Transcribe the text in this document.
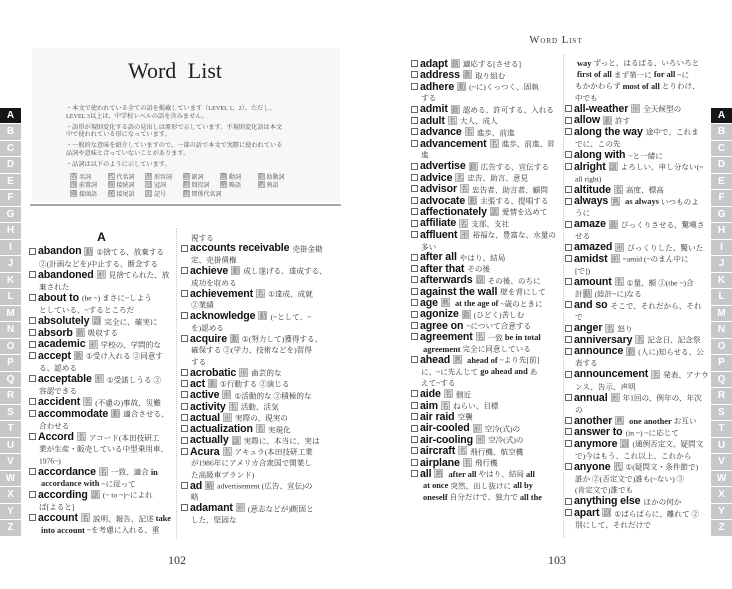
Word List
・本文で使われている全ての語を掲載しています（LEVEL 1、2）。ただし、
LEVEL 3以上は、中学校レベルの語を含みません。
・語形が規則変化する語の見出しは原形で示しています。不規則変化語は本文
中で使われている形になっています。
・一般的な意味を紹介していますので、一部の語で本文で実際に使われている
品詞や意味と合っていないことがあります。
・品詞は以下のように示しています。
名 名詞	代 代名詞 形 形容詞 副 副詞	動 動詞	助 助動詞
前 前置詞 接 接続詞 冠 冠詞	間 間投詞 略 略語	熟 熟語
頭 接頭語 尾 接尾語 記 記号	関 関係代名詞
A
abandon 動 ①捨てる、放棄する
②(計画などを)中止する、断念する
abandoned 形 見捨てられた、放
棄された
about to (be ~) まさに~しよう
としている、~するところだ
absolutely 副 完全に、確実に
absorb 動 吸収する
academic 形 学校の、学問的な
accept 動 ①受け入れる ②同意す
る、認める
acceptable 形 ①受諾しうる ②
容認できる
accident 名 (不慮の)事故、災難
accommodate 動 適合させる、
合わせる
Accord 名 アコード(本田技研工
業が生産・販売している中型乗用車、
1976~)
accordance 名 一致、適合 in
accordance with ~に従って
according 副 (~ to ~)~によれ
ば[よると]
account 名 説明、報告、記述 take
into account ~を考慮に入れる、重
視する
accounts receivable 売掛金勘
定、売掛債権
achieve 動 成し遂げる、達成する、
成功を収める
achievement 名 ①達成、成就
②業績
acknowledge 動 (~として、~
を)認める
acquire 動 ①(努力して)獲得する、
確保する ②(学力、技術などを)習得
する
acrobatic 形 曲芸的な
act 動 ①行動する ②演じる
active 形 ①活動的な ②積極的な
activity 名 活動、活気
actual 形 実際の、現実の
actualization 名 実現化
actually 副 実際に、本当に、実は
Acura 名 アキュラ(本田技研工業
が1986年にアメリカ合衆国で開業し
た高級車ブランド)
ad 略 advertisement (広告、宣伝)の
略
adamant 形 (意志などが)断固と
した、堅固な
102
Word List
adapt 動 適応する[させる]
address 動 取り組む
adhere 動 (~に)くっつく、固執
する
admit 動 認める、許可する、入れる
adult 名 大人、成人
advance 名 進歩、前進
advancement 名 進歩、前進、昇
進
advertise 動 広告する、宣伝する
advice 名 忠告、助言、意見
advisor 名 忠告者、助言者、顧問
advocate 動 主張する、提唱する
affectionately 副 愛情を込めて
affiliate 名 支部、支社
affluent 形 裕福な、豊富な、水量の
多い
after all やはり、結局
after that その後
afterwards 副 その後、のちに
against the wall 壁を背にして
age 熟 at the age of ~歳のときに
agonize 動 (ひどく)苦しむ
agree on ~について合意する
agreement 名 一致 be in total
agreement 完全に同意している
ahead 熟 ahead of ~より先[前]
に、~に先んじて go ahead and あ
えて~する
aide 名 側近
aim 名 ねらい、目標
air raid 空襲
air-cooled 形 空冷(式)の
air-cooling 形 空冷(式)の
aircraft 名 飛行機、航空機
airplane 名 飛行機
all 熟 after all やはり、結局 all
at once 突然、出し抜けに all by
oneself 自分だけで、独力で all the
way ずっと、はるばる、いろいろと
first of all まず第一に for all ~に
もかかわらず most of all とりわけ、
中でも
all-weather 形 全天候型の
allow 動 許す
along the way 途中で、これま
でに、この先
along with ~と一緒に
alright 副 よろしい、申し分ない(=
all right)
altitude 名 高度、標高
always 熟 as always いつものよ
うに
amaze 動 びっくりさせる、驚嘆さ
せる
amazed 形 びっくりした、驚いた
amidst 前 =amid (~のまん中に
[で])
amount 名 ①量、額 ②(the ~)合
計動 (総計~に)なる
and so そこで、それだから、それ
で
anger 名 怒り
anniversary 名 記念日、記念祭
announce 動 (人に)知らせる、公
表する
announcement 名 発表、アナウ
ンス、告示、声明
annual 形 年1回の、例年の、年次
の
another 熟 one another お互い
answer to (in ~) ~に応じて
anymore 副 (通例否定文、疑問文
で)今はもう、これ以上、これから
anyone 代 ①(疑問文・条件節で)
誰か ②(否定文で)誰も(~ない) ③
(肯定文で)誰でも
anything else ほかの何か
apart 副 ①ばらばらに、離れて ②
別にして、それだけで
103
A
B
C
D
E
F
G
H
I
J
K
L
M
N
O
P
Q
R
S
T
U
V
W
X
Y
Z
A
B
C
D
E
F
G
H
I
J
K
L
M
N
O
P
Q
R
S
T
U
V
W
X
Y
Z
